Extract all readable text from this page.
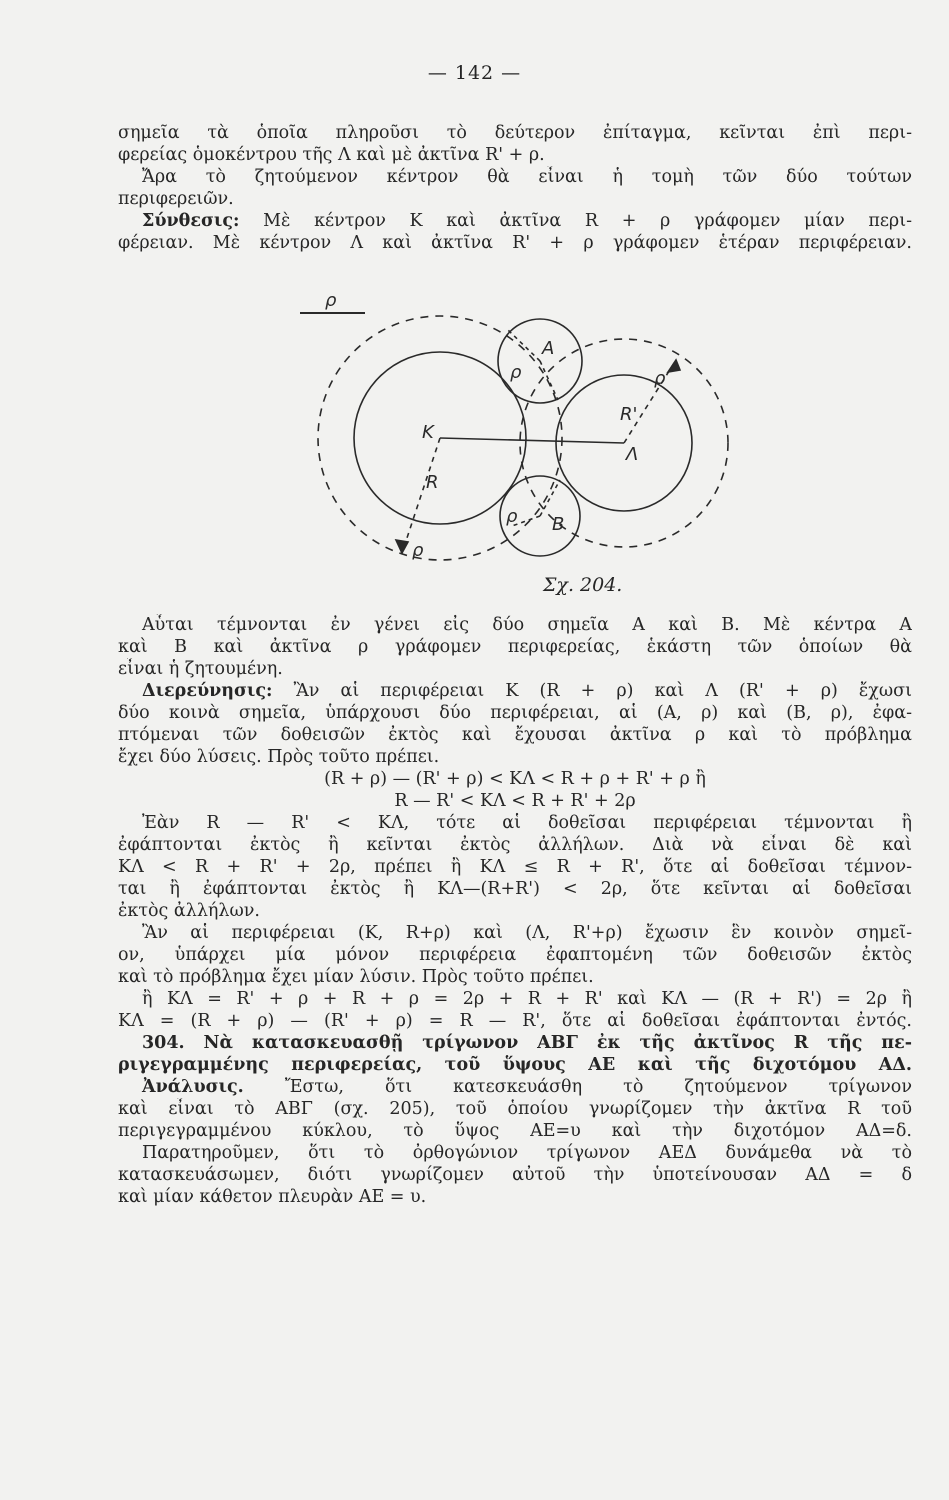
— 142 —
σημεῖα τὰ ὁποῖα πληροῦσι τὸ δεύτερον ἐπίταγμα, κεῖνται ἐπὶ περι-
φερείας ὁμοκέντρου τῆς Λ καὶ μὲ ἀκτῖνα R' + ρ.
Ἄρα τὸ ζητούμενον κέντρον θὰ εἶναι ἡ τομὴ τῶν δύο τούτων
περιφερειῶν.
Σύνθεσις: Μὲ κέντρον Κ καὶ ἀκτῖνα R + ρ γράφομεν μίαν περι-
φέρειαν. Μὲ κέντρον Λ καὶ ἀκτῖνα R' + ρ γράφομεν ἑτέραν περιφέρειαν.
ρ
Κ
Λ
Α
Β
R
R'
ρ	ρ
ρ
ρ
Σχ. 204.
Αὗται τέμνονται ἐν γένει εἰς δύο σημεῖα Α καὶ Β. Μὲ κέντρα Α
καὶ Β καὶ ἀκτῖνα ρ γράφομεν περιφερείας, ἑκάστη τῶν ὁποίων θὰ
εἶναι ἡ ζητουμένη.
Διερεύνησις: Ἂν αἱ περιφέρειαι Κ (R + ρ) καὶ Λ (R' + ρ) ἔχωσι
δύο κοινὰ σημεῖα, ὑπάρχουσι δύο περιφέρειαι, αἱ (Α, ρ) καὶ (Β, ρ), ἐφα-
πτόμεναι τῶν δοθεισῶν ἐκτὸς καὶ ἔχουσαι ἀκτῖνα ρ καὶ τὸ πρόβλημα
ἔχει δύο λύσεις. Πρὸς τοῦτο πρέπει.
(R + ρ) — (R' + ρ) < ΚΛ < R + ρ + R' + ρ ἢ
R — R' < ΚΛ < R + R' + 2ρ
Ἐὰν R — R' < ΚΛ, τότε αἱ δοθεῖσαι περιφέρειαι τέμνονται ἢ
ἐφάπτονται ἐκτὸς ἢ κεῖνται ἐκτὸς ἀλλήλων. Διὰ νὰ εἶναι δὲ καὶ
ΚΛ < R + R' + 2ρ, πρέπει ἢ ΚΛ ≤ R + R', ὅτε αἱ δοθεῖσαι τέμνον-
ται ἢ ἐφάπτονται ἐκτὸς ἢ ΚΛ—(R+R') < 2ρ, ὅτε κεῖνται αἱ δοθεῖσαι
ἐκτὸς ἀλλήλων.
Ἂν αἱ περιφέρειαι (Κ, R+ρ) καὶ (Λ, R'+ρ) ἔχωσιν ἓν κοινὸν σημεῖ-
ον, ὑπάρχει μία μόνον περιφέρεια ἐφαπτομένη τῶν δοθεισῶν ἐκτὸς
καὶ τὸ πρόβλημα ἔχει μίαν λύσιν. Πρὸς τοῦτο πρέπει.
ἢ ΚΛ = R' + ρ + R + ρ = 2ρ + R + R' καὶ ΚΛ — (R + R') = 2ρ ἢ
ΚΛ = (R + ρ) — (R' + ρ) = R — R', ὅτε αἱ δοθεῖσαι ἐφάπτονται ἐντός.
304. Νὰ κατασκευασθῇ τρίγωνον ΑΒΓ ἐκ τῆς ἀκτῖνος R τῆς πε-
ριγεγραμμένης περιφερείας, τοῦ ὕψους ΑΕ καὶ τῆς διχοτόμου ΑΔ.
Ἀνάλυσις. Ἔστω, ὅτι κατεσκευάσθη τὸ ζητούμενον τρίγωνον
καὶ εἶναι τὸ ΑΒΓ (σχ. 205), τοῦ ὁποίου γνωρίζομεν τὴν ἀκτῖνα R τοῦ
περιγεγραμμένου κύκλου, τὸ ὕψος ΑΕ=υ καὶ τὴν διχοτόμον ΑΔ=δ.
Παρατηροῦμεν, ὅτι τὸ ὀρθογώνιον τρίγωνον ΑΕΔ δυνάμεθα νὰ τὸ
κατασκευάσωμεν, διότι γνωρίζομεν αὐτοῦ τὴν ὑποτείνουσαν ΑΔ = δ
καὶ μίαν κάθετον πλευρὰν ΑΕ = υ.
